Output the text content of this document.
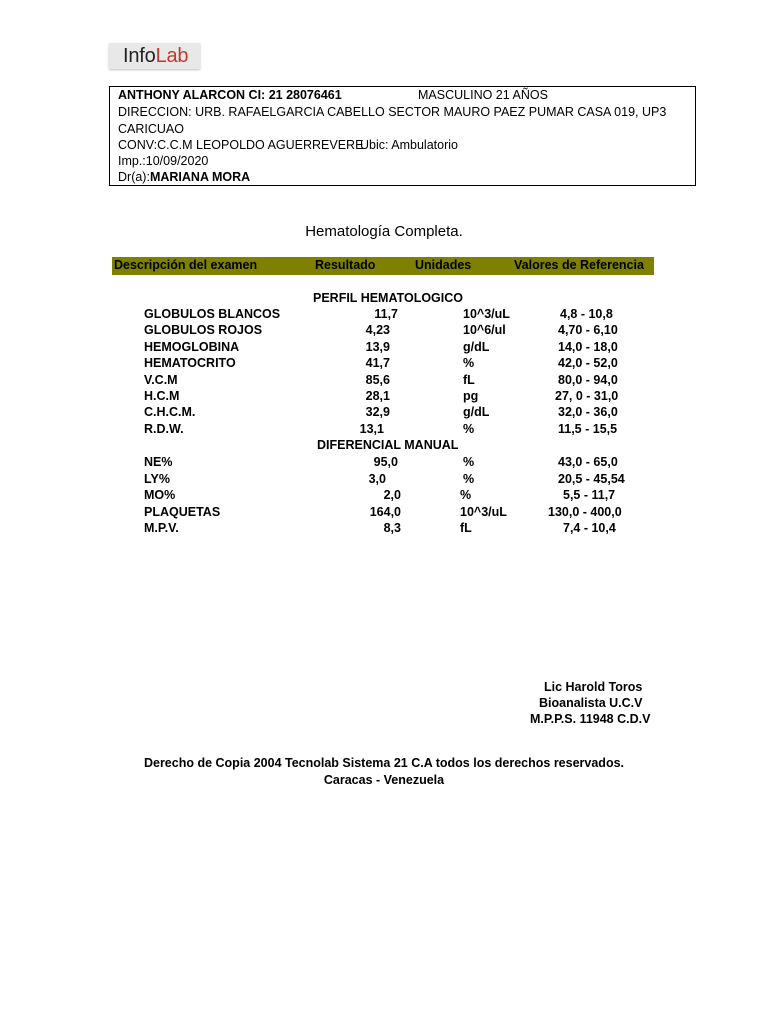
Info Lab
ANTHONY ALARCON CI: 21 28076461	MASCULINO 21 AÑOS
DIRECCION: URB. RAFAELGARCIA CABELLO SECTOR MAURO PAEZ PUMAR CASA 019, UP3
CARICUAO
CONV:C.C.M LEOPOLDO AGUERREVERE
Ubic: Ambulatorio
Imp.:10/09/2020
Dr(a):MARIANA MORA
Hematología Completa.
Descripción del examen	Resultado	Unidades	Valores de Referencia
PERFIL HEMATOLOGICO
GLOBULOS BLANCOS	11,7	10^3/uL	4,8 - 10,8
GLOBULOS ROJOS	4,23	10^6/ul	4,70 - 6,10
HEMOGLOBINA	13,9	g/dL	14,0 - 18,0
HEMATOCRITO	41,7	%	42,0 - 52,0
V.C.M	85,6	fL	80,0 - 94,0
H.C.M	28,1	pg	27, 0 - 31,0
C.H.C.M.	32,9	g/dL	32,0 - 36,0
R.D.W.	13,1	%	11,5 - 15,5
DIFERENCIAL MANUAL
NE%	95,0	%	43,0 - 65,0
LY%	3,0	%	20,5 - 45,54
MO%	2,0	%	5,5 - 11,7
PLAQUETAS	164,0	10^3/uL	130,0 - 400,0
M.P.V.	8,3	fL	7,4 - 10,4
Lic Harold Toros
Bioanalista U.C.V
M.P.P.S. 11948 C.D.V
Derecho de Copia 2004 Tecnolab Sistema 21 C.A todos los derechos reservados.
Caracas - Venezuela
